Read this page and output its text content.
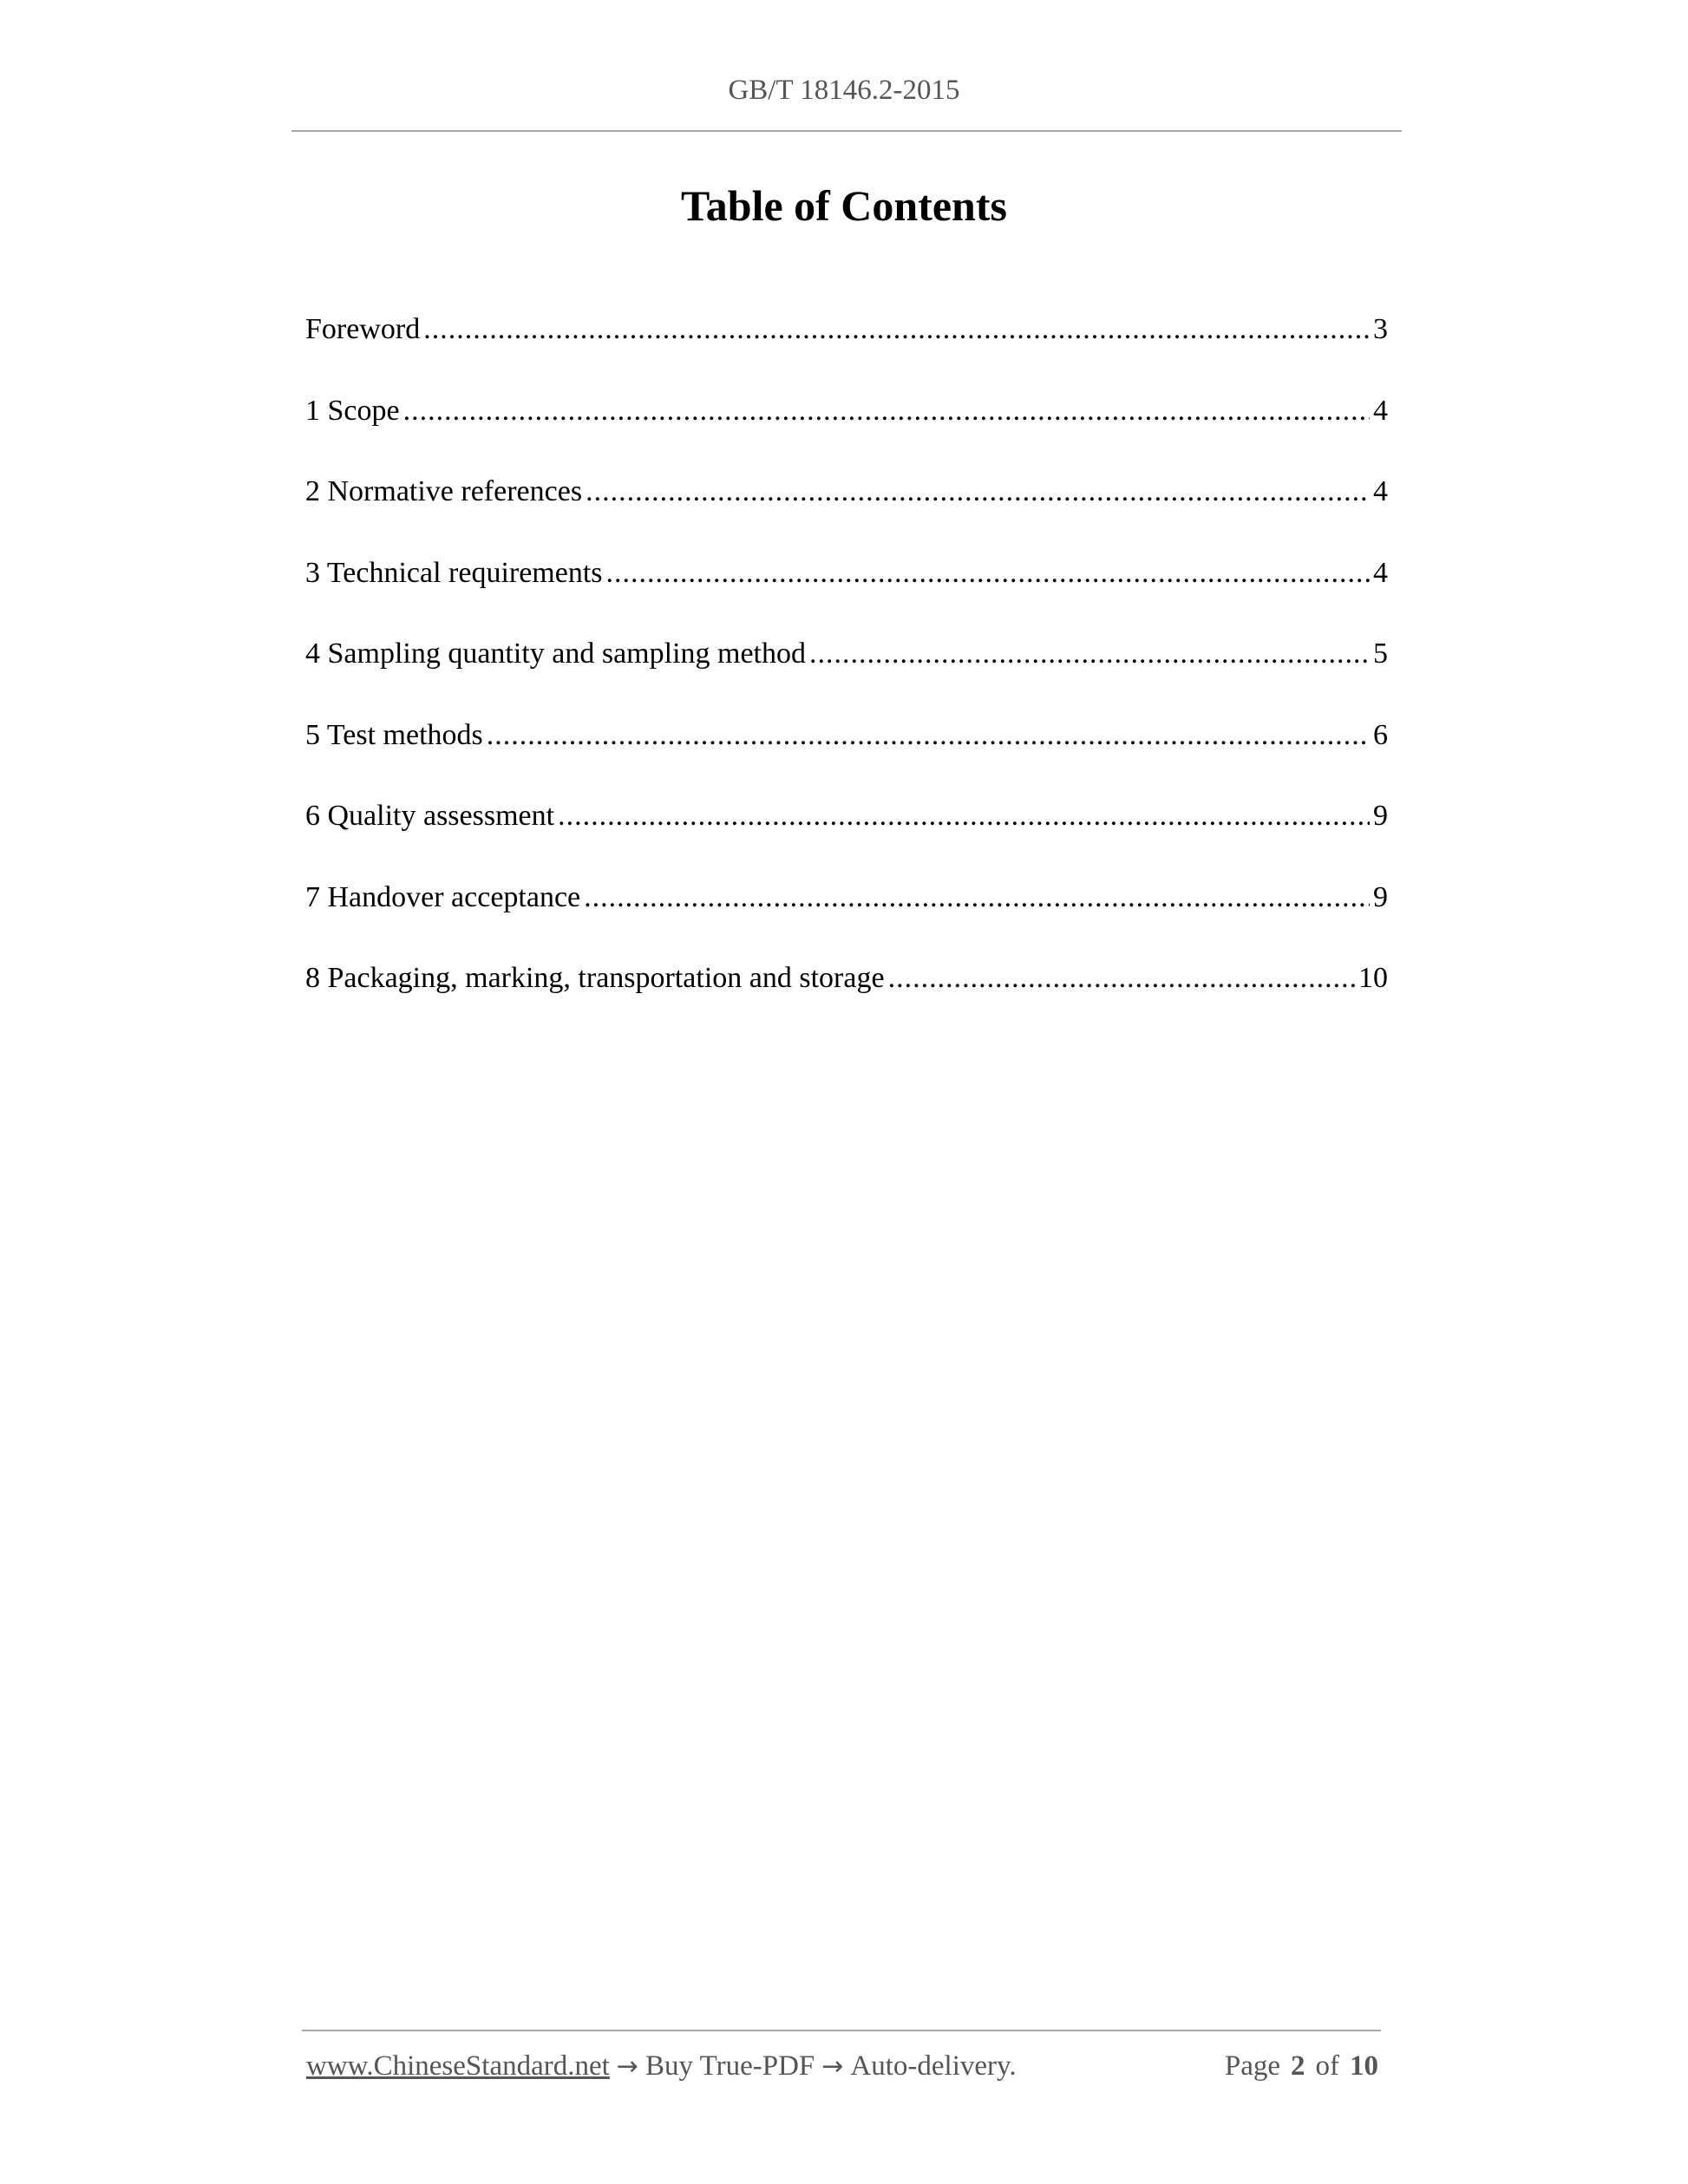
GB/T 18146.2-2015
Table of Contents
Foreword .....	3
1 Scope .....	4
2 Normative references .....	4
3 Technical requirements .....	4
4 Sampling quantity and sampling method .....	5
5 Test methods .....	6
6 Quality assessment .....	9
7 Handover acceptance .....	9
8 Packaging, marking, transportation and storage .....	10
www.ChineseStandard.net → Buy True-PDF → Auto-delivery.	Page 2 of 10
